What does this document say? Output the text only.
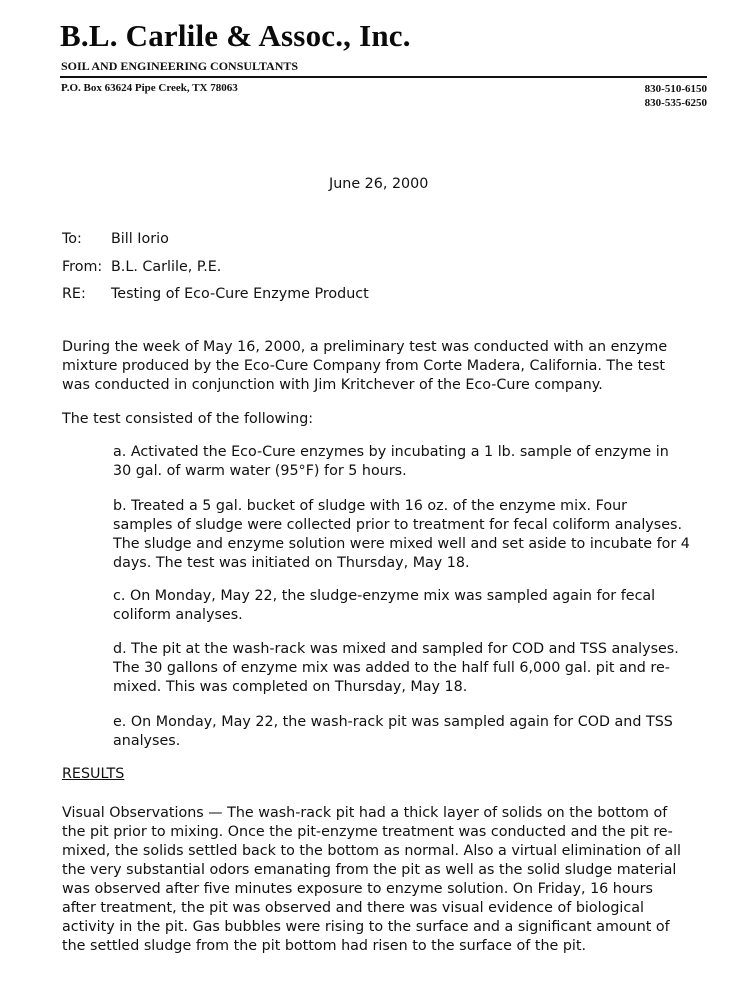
B.L. Carlile & Assoc., Inc.
SOIL AND ENGINEERING CONSULTANTS
P.O. Box 63624 Pipe Creek, TX 78063	830-510-6150
830-535-6250
June 26, 2000
To: Bill Iorio
From: B.L. Carlile, P.E.
RE: Testing of Eco-Cure Enzyme Product

During the week of May 16, 2000, a preliminary test was conducted with an enzyme
mixture produced by the Eco-Cure Company from Corte Madera, California. The test
was conducted in conjunction with Jim Kritchever of the Eco-Cure company.

The test consisted of the following:

a. Activated the Eco-Cure enzymes by incubating a 1 lb. sample of enzyme in
30 gal. of warm water (95°F) for 5 hours.

b. Treated a 5 gal. bucket of sludge with 16 oz. of the enzyme mix. Four
samples of sludge were collected prior to treatment for fecal coliform analyses.
The sludge and enzyme solution were mixed well and set aside to incubate for 4
days. The test was initiated on Thursday, May 18.

c. On Monday, May 22, the sludge-enzyme mix was sampled again for fecal
coliform analyses.

d. The pit at the wash-rack was mixed and sampled for COD and TSS analyses.
The 30 gallons of enzyme mix was added to the half full 6,000 gal. pit and re-
mixed. This was completed on Thursday, May 18.

e. On Monday, May 22, the wash-rack pit was sampled again for COD and TSS
analyses.

RESULTS

Visual Observations — The wash-rack pit had a thick layer of solids on the bottom of
the pit prior to mixing. Once the pit-enzyme treatment was conducted and the pit re-
mixed, the solids settled back to the bottom as normal. Also a virtual elimination of all
the very substantial odors emanating from the pit as well as the solid sludge material
was observed after five minutes exposure to enzyme solution. On Friday, 16 hours
after treatment, the pit was observed and there was visual evidence of biological
activity in the pit. Gas bubbles were rising to the surface and a significant amount of
the settled sludge from the pit bottom had risen to the surface of the pit.
